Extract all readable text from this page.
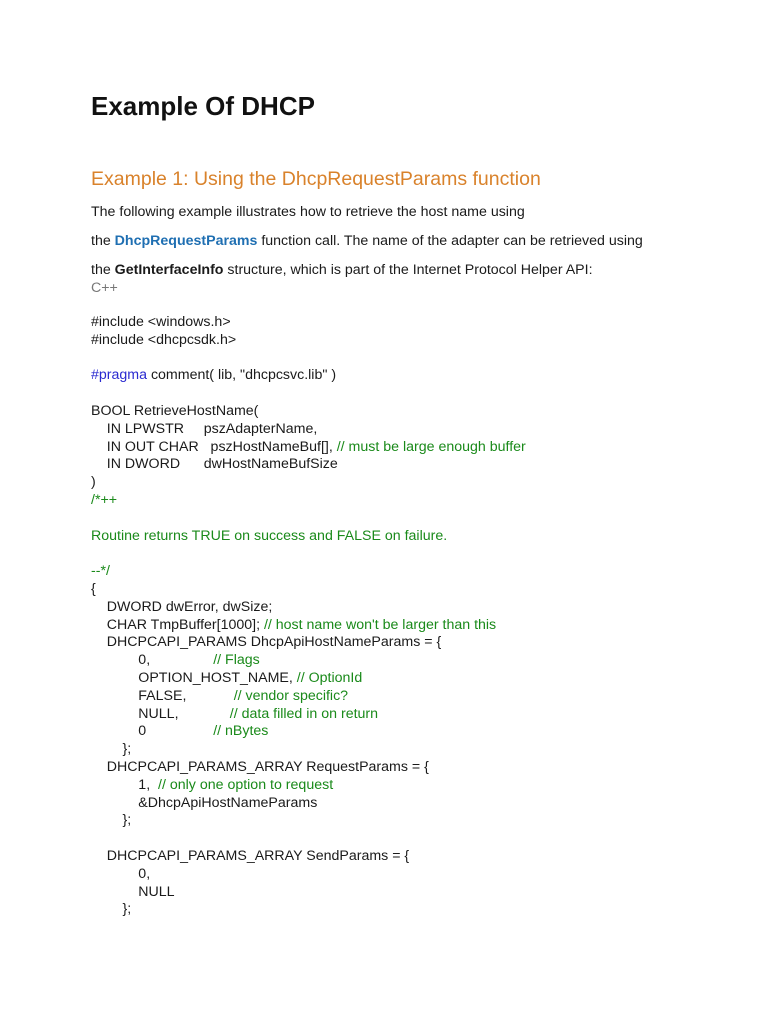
Example Of DHCP
Example 1: Using the DhcpRequestParams function
The following example illustrates how to retrieve the host name using
the DhcpRequestParams function call. The name of the adapter can be retrieved using
the GetInterfaceInfo structure, which is part of the Internet Protocol Helper API:
C++
#include <windows.h>
#include <dhcpcsdk.h>

#pragma comment( lib, "dhcpcsvc.lib" )

BOOL RetrieveHostName(
IN LPWSTR     pszAdapterName,
IN OUT CHAR   pszHostNameBuf[], // must be large enough buffer
IN DWORD      dwHostNameBufSize
)
/*++

Routine returns TRUE on success and FALSE on failure.

--*/
{
DWORD dwError, dwSize;
CHAR TmpBuffer[1000]; // host name won't be larger than this
DHCPCAPI_PARAMS DhcpApiHostNameParams = {
0,                // Flags
OPTION_HOST_NAME, // OptionId
FALSE,            // vendor specific?
NULL,             // data filled in on return
0                 // nBytes
};
DHCPCAPI_PARAMS_ARRAY RequestParams = {
1,  // only one option to request
&DhcpApiHostNameParams
};

DHCPCAPI_PARAMS_ARRAY SendParams = {
0,
NULL
};
